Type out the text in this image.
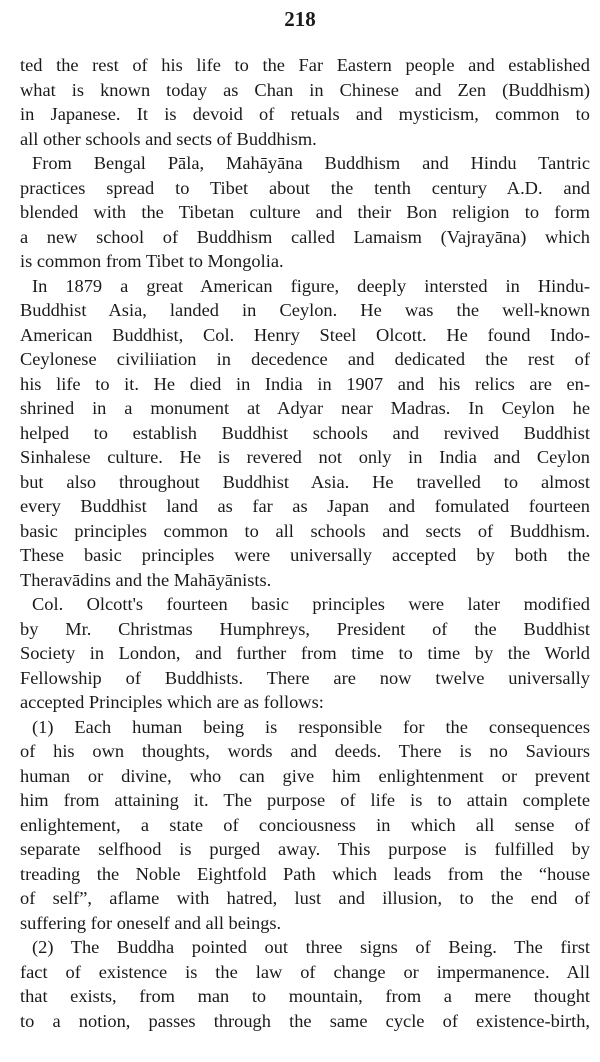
218
ted the rest of his life to the Far Eastern people and established
what is known today as Chan in Chinese and Zen (Buddhism)
in Japanese. It is devoid of retuals and mysticism, common to
all other schools and sects of Buddhism.
From Bengal Pāla, Mahāyāna Buddhism and Hindu Tantric
practices spread to Tibet about the tenth century A.D. and
blended with the Tibetan culture and their Bon religion to form
a new school of Buddhism called Lamaism (Vajrayāna) which
is common from Tibet to Mongolia.
In 1879 a great American figure, deeply intersted in Hindu-
Buddhist Asia, landed in Ceylon. He was the well-known
American Buddhist, Col. Henry Steel Olcott. He found Indo-
Ceylonese civiliiation in decedence and dedicated the rest of
his life to it. He died in India in 1907 and his relics are en-
shrined in a monument at Adyar near Madras. In Ceylon he
helped to establish Buddhist schools and revived Buddhist
Sinhalese culture. He is revered not only in India and Ceylon
but also throughout Buddhist Asia. He travelled to almost
every Buddhist land as far as Japan and fomulated fourteen
basic principles common to all schools and sects of Buddhism.
These basic principles were universally accepted by both the
Theravādins and the Mahāyānists.
Col. Olcott's fourteen basic principles were later modified
by Mr. Christmas Humphreys, President of the Buddhist
Society in London, and further from time to time by the World
Fellowship of Buddhists. There are now twelve universally
accepted Principles which are as follows:
(1) Each human being is responsible for the consequences
of his own thoughts, words and deeds. There is no Saviours
human or divine, who can give him enlightenment or prevent
him from attaining it. The purpose of life is to attain complete
enlightement, a state of conciousness in which all sense of
separate selfhood is purged away. This purpose is fulfilled by
treading the Noble Eightfold Path which leads from the “house
of self”, aflame with hatred, lust and illusion, to the end of
suffering for oneself and all beings.
(2) The Buddha pointed out three signs of Being. The first
fact of existence is the law of change or impermanence. All
that exists, from man to mountain, from a mere thought
to a notion, passes through the same cycle of existence-birth,
